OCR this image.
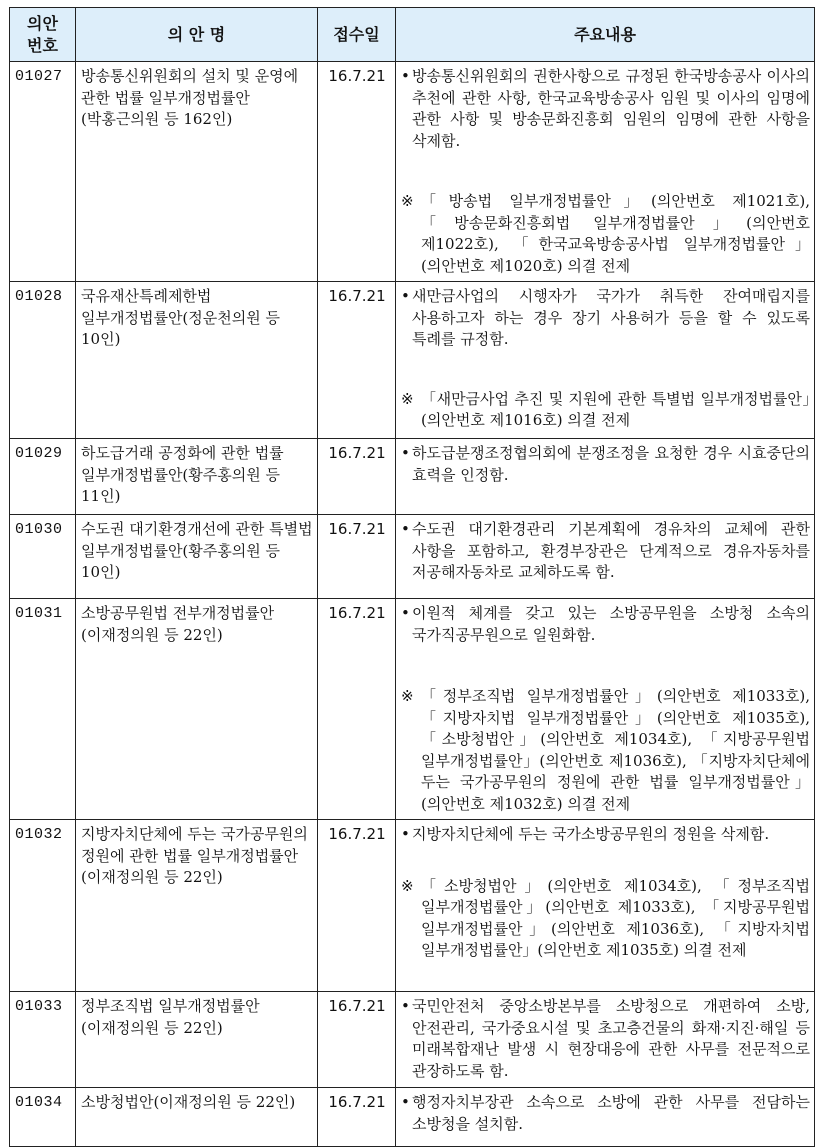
의안
번호	의 안 명	접수일	주요내용
01027	방송통신위원회의 설치 및 운영에 관한 법률 일부개정법률안(박홍근의원 등 162인)	16.7.21	• 방송통신위원회의 권한사항으로 규정된 한국방송공사 이사의 추천에 관한 사항, 한국교육방송공사 임원 및 이사의 임명에 관한 사항 및 방송문화진흥회 임원의 임명에 관한 사항을 삭제함.
※ 「방송법 일부개정법률안」(의안번호 제1021호), 「방송문화진흥회법 일부개정법률안」(의안번호 제1022호), 「한국교육방송공사법 일부개정법률안」(의안번호 제1020호) 의결 전제

01028	국유재산특례제한법 일부개정법률안(정운천의원 등 10인)	16.7.21	• 새만금사업의 시행자가 국가가 취득한 잔여매립지를 사용하고자 하는 경우 장기 사용허가 등을 할 수 있도록 특례를 규정함.
※ 「새만금사업 추진 및 지원에 관한 특별법 일부개정법률안」(의안번호 제1016호) 의결 전제

01029	하도급거래 공정화에 관한 법률 일부개정법률안(황주홍의원 등 11인)	16.7.21	• 하도급분쟁조정협의회에 분쟁조정을 요청한 경우 시효중단의 효력을 인정함.

01030	수도권 대기환경개선에 관한 특별법 일부개정법률안(황주홍의원 등 10인)	16.7.21	• 수도권 대기환경관리 기본계획에 경유차의 교체에 관한 사항을 포함하고, 환경부장관은 단계적으로 경유자동차를 저공해자동차로 교체하도록 함.

01031	소방공무원법 전부개정법률안(이재정의원 등 22인)	16.7.21	• 이원적 체계를 갖고 있는 소방공무원을 소방청 소속의 국가직공무원으로 일원화함.
※ 「정부조직법 일부개정법률안」(의안번호 제1033호), 「지방자치법 일부개정법률안」(의안번호 제1035호), 「소방청법안」(의안번호 제1034호), 「지방공무원법 일부개정법률안」(의안번호 제1036호), 「지방자치단체에 두는 국가공무원의 정원에 관한 법률 일부개정법률안」(의안번호 제1032호) 의결 전제

01032	지방자치단체에 두는 국가공무원의 정원에 관한 법률 일부개정법률안(이재정의원 등 22인)	16.7.21	• 지방자치단체에 두는 국가소방공무원의 정원을 삭제함.
※ 「소방청법안」(의안번호 제1034호), 「정부조직법 일부개정법률안」(의안번호 제1033호), 「지방공무원법 일부개정법률안」(의안번호 제1036호), 「지방자치법 일부개정법률안」(의안번호 제1035호) 의결 전제

01033	정부조직법 일부개정법률안(이재정의원 등 22인)	16.7.21	• 국민안전처 중앙소방본부를 소방청으로 개편하여 소방, 안전관리, 국가중요시설 및 초고층건물의 화재·지진·해일 등 미래복합재난 발생 시 현장대응에 관한 사무를 전문적으로 관장하도록 함.

01034	소방청법안(이재정의원 등 22인)	16.7.21	• 행정자치부장관 소속으로 소방에 관한 사무를 전담하는 소방청을 설치함.
